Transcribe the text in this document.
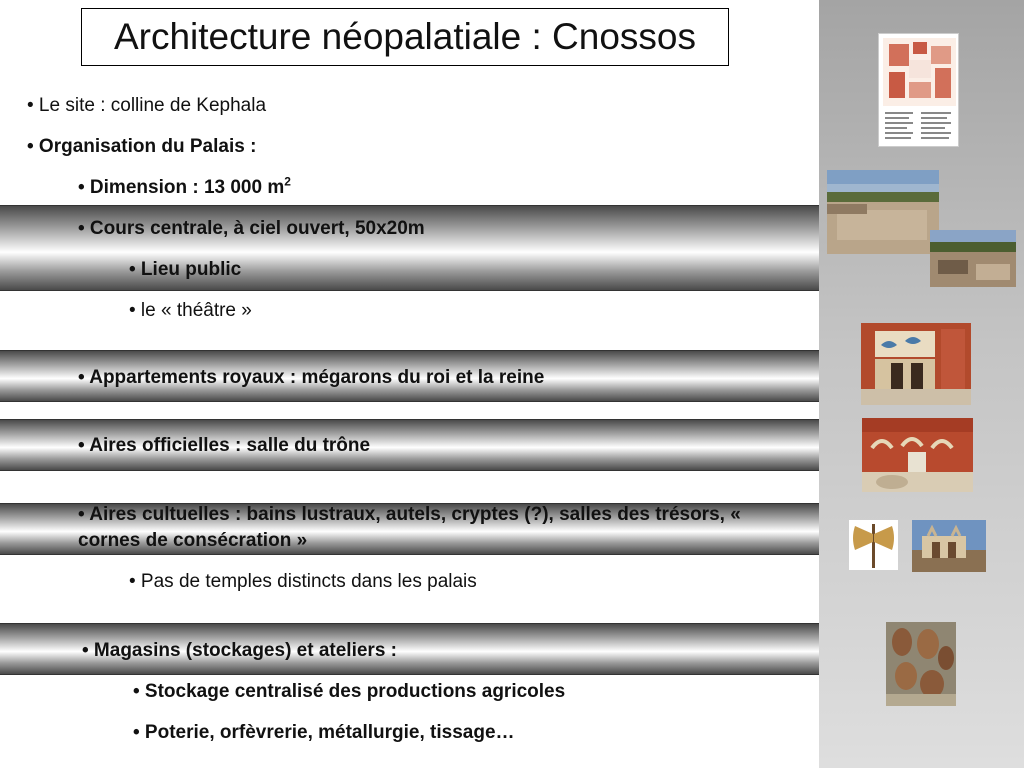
Architecture néopalatiale : Cnossos
• Le site : colline de Kephala
• Organisation du Palais :
• Dimension : 13 000 $m^2$
• Cours centrale, à ciel ouvert, 50x20m
• Lieu public
• le « théâtre »
• Appartements royaux : mégarons du roi et la reine
• Aires officielles : salle du trône
• Aires cultuelles : bains lustraux, autels, cryptes (?), salles des trésors, « cornes de consécration »
• Pas de temples distincts dans les palais
• Magasins (stockages) et ateliers :
• Stockage centralisé des productions agricoles
• Poterie, orfèvrerie, métallurgie, tissage…
